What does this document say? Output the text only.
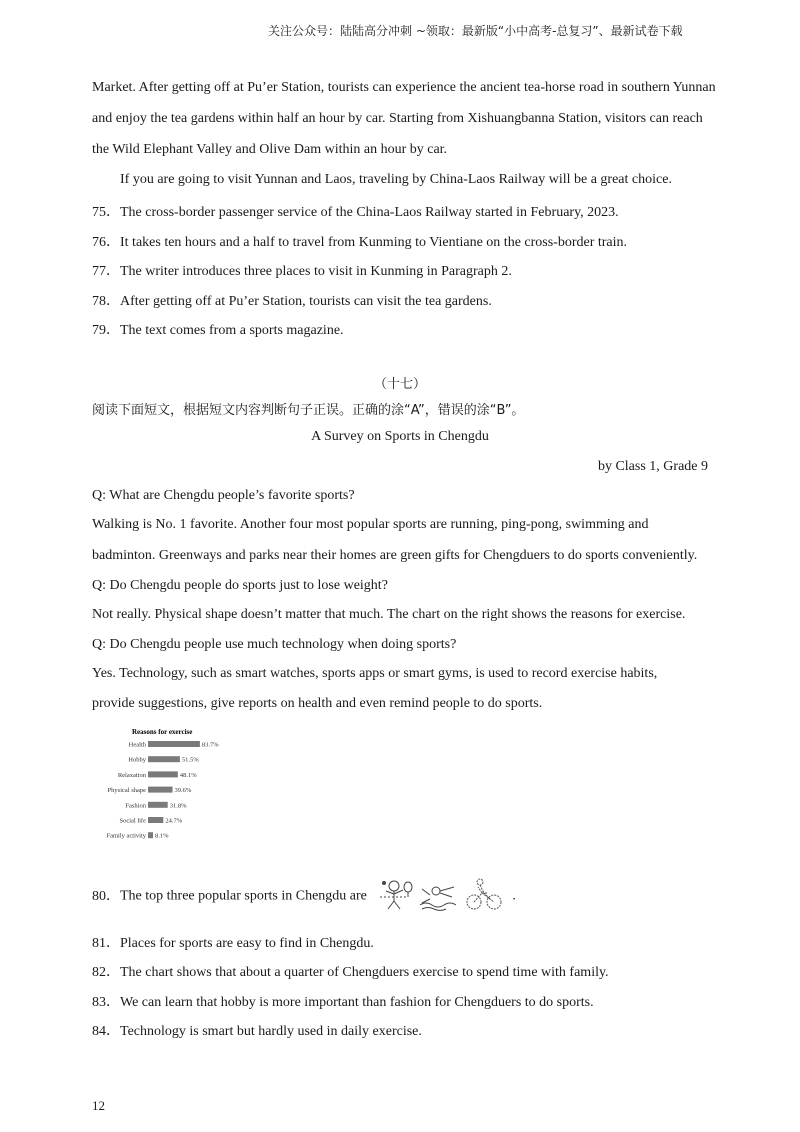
关注公众号：陆陆高分冲刺 ~领取：最新版“小中高考-总复习”、最新试卷下载
Market. After getting off at Pu’er Station, tourists can experience the ancient tea-horse road in southern Yunnan
and enjoy the tea gardens within half an hour by car. Starting from Xishuangbanna Station, visitors can reach
the Wild Elephant Valley and Olive Dam within an hour by car.
If you are going to visit Yunnan and Laos, traveling by China-Laos Railway will be a great choice.
75．The cross-border passenger service of the China-Laos Railway started in February, 2023.
76．It takes ten hours and a half to travel from Kunming to Vientiane on the cross-border train.
77．The writer introduces three places to visit in Kunming in Paragraph 2.
78．After getting off at Pu’er Station, tourists can visit the tea gardens.
79．The text comes from a sports magazine.
（十七）
阅读下面短文，根据短文内容判断句子正误。正确的涂“A”，错误的涂“B”。
A Survey on Sports in Chengdu
by Class 1, Grade 9
Q: What are Chengdu people’s favorite sports?
Walking is No. 1 favorite. Another four most popular sports are running, ping-pong, swimming and
badminton. Greenways and parks near their homes are green gifts for Chengduers to do sports conveniently.
Q: Do Chengdu people do sports just to lose weight?
Not really. Physical shape doesn’t matter that much. The chart on the right shows the reasons for exercise.
Q: Do Chengdu people use much technology when doing sports?
Yes. Technology, such as smart watches, sports apps or smart gyms, is used to record exercise habits,
provide suggestions, give reports on health and even remind people to do sports.
Reasons for exercise
Health	83.7%
Hobby	51.5%
Relaxation	48.1%
Physical shape	39.6%
Fashion	31.8%
Social life	24.7%
Family activity 8.1%
80．The top three popular sports in Chengdu are	.
81．Places for sports are easy to find in Chengdu.
82．The chart shows that about a quarter of Chengduers exercise to spend time with family.
83．We can learn that hobby is more important than fashion for Chengduers to do sports.
84．Technology is smart but hardly used in daily exercise.
12
